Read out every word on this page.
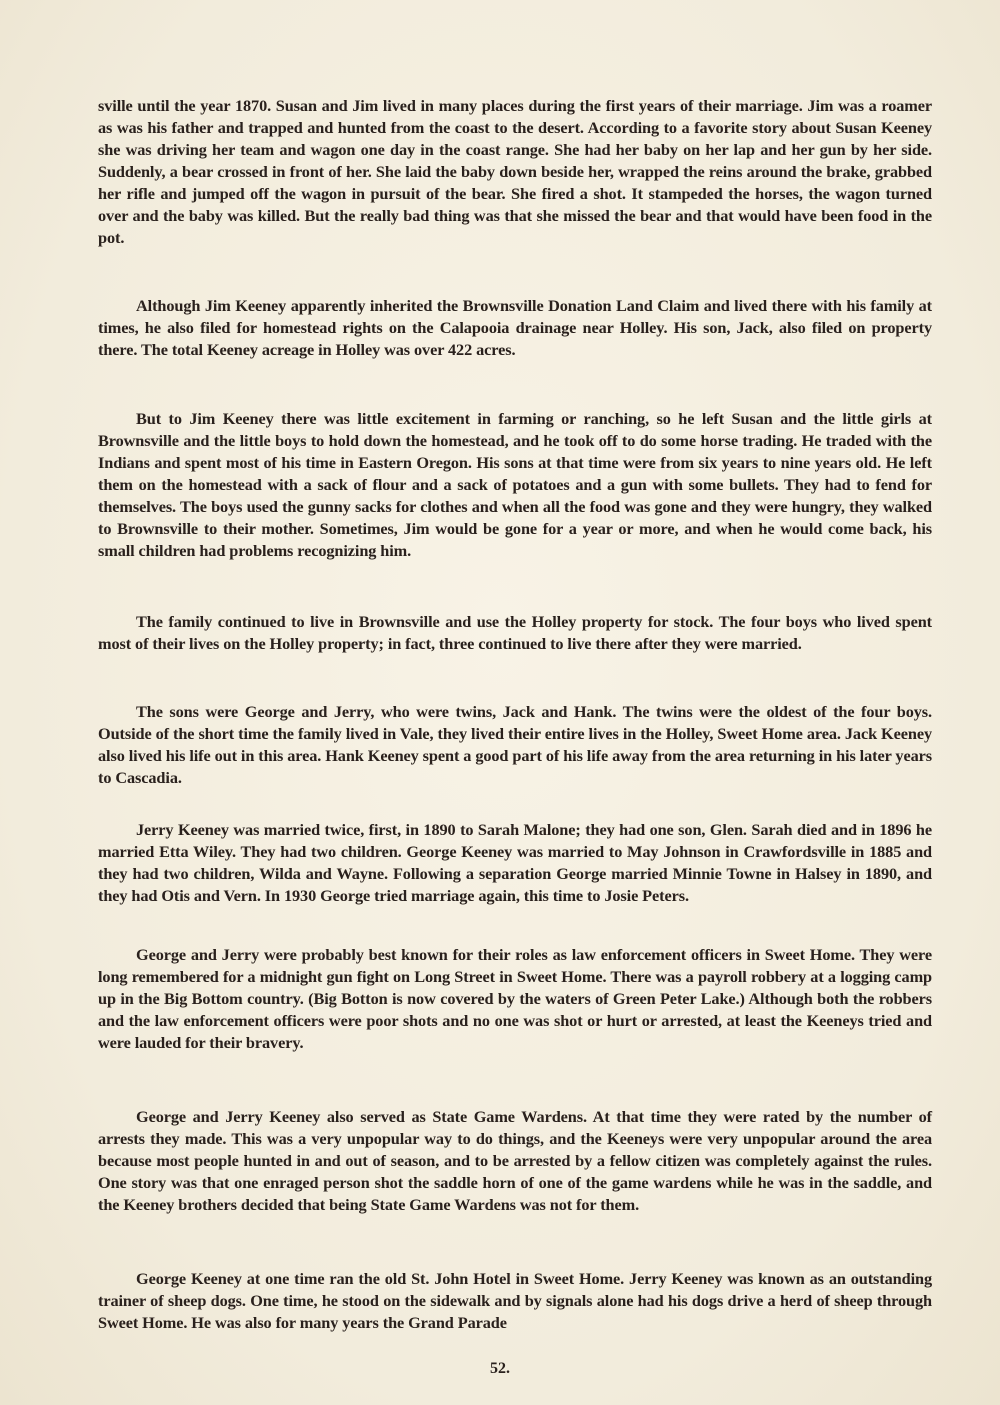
sville until the year 1870. Susan and Jim lived in many places during the first years of their marriage. Jim was a roamer as was his father and trapped and hunted from the coast to the desert. According to a favorite story about Susan Keeney she was driving her team and wagon one day in the coast range. She had her baby on her lap and her gun by her side. Suddenly, a bear crossed in front of her. She laid the baby down beside her, wrapped the reins around the brake, grabbed her rifle and jumped off the wagon in pursuit of the bear. She fired a shot. It stampeded the horses, the wagon turned over and the baby was killed. But the really bad thing was that she missed the bear and that would have been food in the pot.

Although Jim Keeney apparently inherited the Brownsville Donation Land Claim and lived there with his family at times, he also filed for homestead rights on the Calapooia drainage near Holley. His son, Jack, also filed on property there. The total Keeney acreage in Holley was over 422 acres.

But to Jim Keeney there was little excitement in farming or ranching, so he left Susan and the little girls at Brownsville and the little boys to hold down the homestead, and he took off to do some horse trading. He traded with the Indians and spent most of his time in Eastern Oregon. His sons at that time were from six years to nine years old. He left them on the homestead with a sack of flour and a sack of potatoes and a gun with some bullets. They had to fend for themselves. The boys used the gunny sacks for clothes and when all the food was gone and they were hungry, they walked to Brownsville to their mother. Sometimes, Jim would be gone for a year or more, and when he would come back, his small children had problems recognizing him.

The family continued to live in Brownsville and use the Holley property for stock. The four boys who lived spent most of their lives on the Holley property; in fact, three continued to live there after they were married.

The sons were George and Jerry, who were twins, Jack and Hank. The twins were the oldest of the four boys. Outside of the short time the family lived in Vale, they lived their entire lives in the Holley, Sweet Home area. Jack Keeney also lived his life out in this area. Hank Keeney spent a good part of his life away from the area returning in his later years to Cascadia.

Jerry Keeney was married twice, first, in 1890 to Sarah Malone; they had one son, Glen. Sarah died and in 1896 he married Etta Wiley. They had two children. George Keeney was married to May Johnson in Crawfordsville in 1885 and they had two children, Wilda and Wayne. Following a separation George married Minnie Towne in Halsey in 1890, and they had Otis and Vern. In 1930 George tried marriage again, this time to Josie Peters.

George and Jerry were probably best known for their roles as law enforcement officers in Sweet Home. They were long remembered for a midnight gun fight on Long Street in Sweet Home. There was a payroll robbery at a logging camp up in the Big Bottom country. (Big Botton is now covered by the waters of Green Peter Lake.) Although both the robbers and the law enforcement officers were poor shots and no one was shot or hurt or arrested, at least the Keeneys tried and were lauded for their bravery.

George and Jerry Keeney also served as State Game Wardens. At that time they were rated by the number of arrests they made. This was a very unpopular way to do things, and the Keeneys were very unpopular around the area because most people hunted in and out of season, and to be arrested by a fellow citizen was completely against the rules. One story was that one enraged person shot the saddle horn of one of the game wardens while he was in the saddle, and the Keeney brothers decided that being State Game Wardens was not for them.

George Keeney at one time ran the old St. John Hotel in Sweet Home. Jerry Keeney was known as an outstanding trainer of sheep dogs. One time, he stood on the sidewalk and by signals alone had his dogs drive a herd of sheep through Sweet Home. He was also for many years the Grand Parade

52.
